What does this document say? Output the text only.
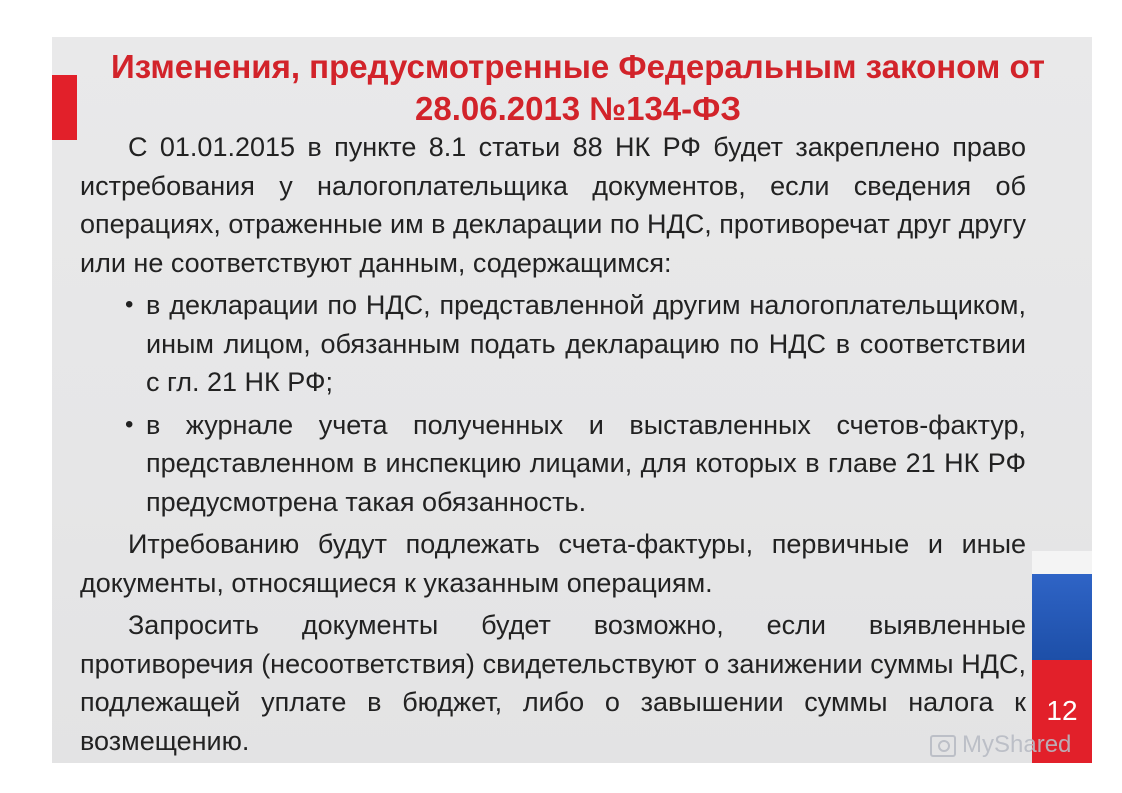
12
Изменения, предусмотренные Федеральным законом от 28.06.2013 №134-ФЗ

С 01.01.2015 в пункте 8.1 статьи 88 НК РФ будет закреплено право истребования у налогоплательщика документов, если сведения об операциях, отраженные им в декларации по НДС, противоречат друг другу или не соответствуют данным, содержащимся:

• в декларации по НДС, представленной другим налогоплательщиком, иным лицом, обязанным подать декларацию по НДС в соответствии с гл. 21 НК РФ;
• в журнале учета полученных и выставленных счетов-фактур, представленном в инспекцию лицами, для которых в главе 21 НК РФ предусмотрена такая обязанность.

Итребованию будут подлежать счета-фактуры, первичные и иные документы, относящиеся к указанным операциям.

Запросить документы будет возможно, если выявленные противоречия (несоответствия) свидетельствуют о занижении суммы НДС, подлежащей уплате в бюджет, либо о завышении суммы налога к возмещению.	MyShared
